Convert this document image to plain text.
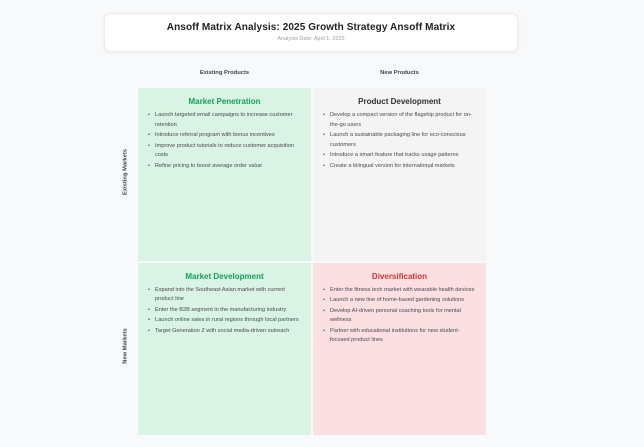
Ansoff Matrix Analysis: 2025 Growth Strategy Ansoff Matrix
Analysis Date: April 1, 2025
Existing Products	New Products
Existing Markets
New Markets
Market Penetration
• Launch targeted email campaigns to increase customer retention
• Introduce referral program with bonus incentives
• Improve product tutorials to reduce customer acquisition costs
• Refine pricing to boost average order value
Product Development
• Develop a compact version of the flagship product for on-the-go users
• Launch a sustainable packaging line for eco-conscious customers
• Introduce a smart feature that tracks usage patterns
• Create a bilingual version for international markets
Market Development
• Expand into the Southeast Asian market with current product line
• Enter the B2B segment in the manufacturing industry
• Launch online sales in rural regions through local partners
• Target Generation Z with social media-driven outreach
Diversification
• Enter the fitness tech market with wearable health devices
• Launch a new line of home-based gardening solutions
• Develop AI-driven personal coaching tools for mental wellness
• Partner with educational institutions for new student-focused product lines
